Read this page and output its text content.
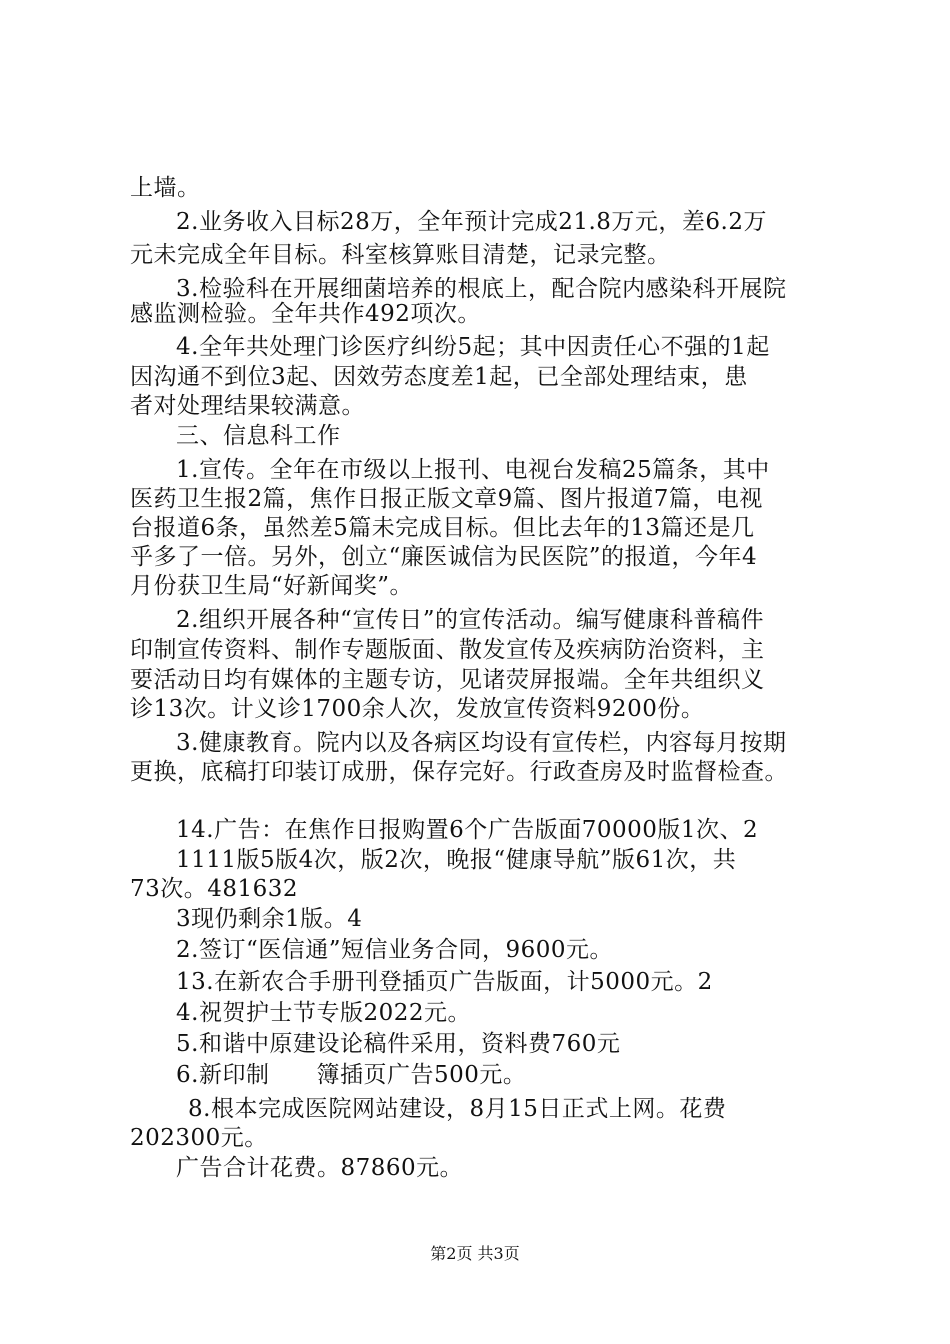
上墙。
2.业务收入目标28万，全年预计完成21.8万元，差6.2万
元未完成全年目标。科室核算账目清楚，记录完整。
3.检验科在开展细菌培养的根底上，配合院内感染科开展院
感监测检验。全年共作492项次。
4.全年共处理门诊医疗纠纷5起；其中因责任心不强的1起
因沟通不到位3起、因效劳态度差1起，已全部处理结束，患
者对处理结果较满意。
三、信息科工作
1.宣传。全年在市级以上报刊、电视台发稿25篇条，其中
医药卫生报2篇，焦作日报正版文章9篇、图片报道7篇，电视
台报道6条，虽然差5篇未完成目标。但比去年的13篇还是几
乎多了一倍。另外，创立“廉医诚信为民医院”的报道，今年4
月份获卫生局“好新闻奖”。
2.组织开展各种“宣传日”的宣传活动。编写健康科普稿件
印制宣传资料、制作专题版面、散发宣传及疾病防治资料，主
要活动日均有媒体的主题专访，见诸荧屏报端。全年共组织义
诊13次。计义诊1700余人次，发放宣传资料9200份。
3.健康教育。院内以及各病区均设有宣传栏，内容每月按期
更换，底稿打印装订成册，保存完好。行政查房及时监督检查。
14.广告：在焦作日报购置6个广告版面70000版1次、2
1111版5版4次，版2次，晚报“健康导航”版61次，共
73次。481632
3现仍剩余1版。4
2.签订“医信通”短信业务合同，9600元。
13.在新农合手册刊登插页广告版面，计5000元。2
4.祝贺护士节专版2022元。
5.和谐中原建设论稿件采用，资料费760元
6.新印制　　簿插页广告500元。
8.根本完成医院网站建设，8月15日正式上网。花费
202300元。
广告合计花费。87860元。
第2页 共3页
